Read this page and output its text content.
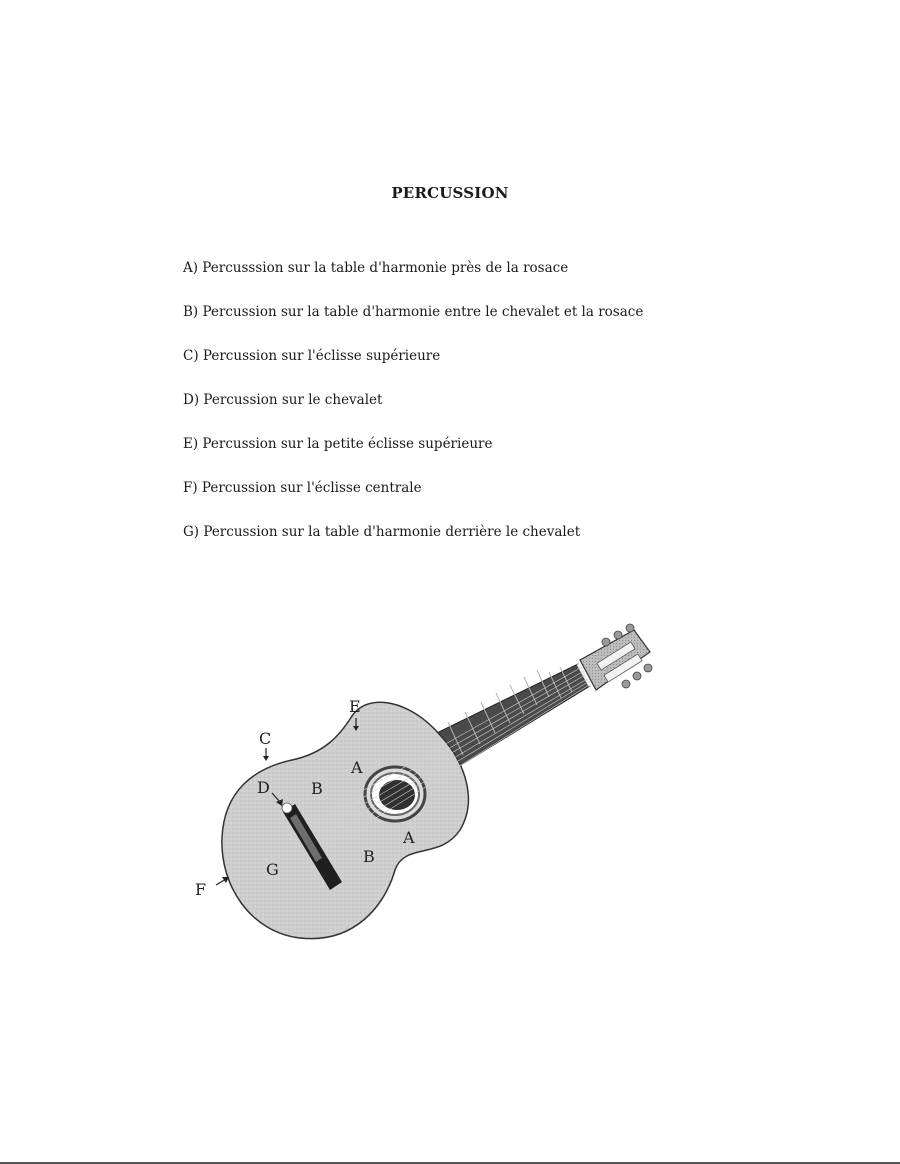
PERCUSSION
A) Percusssion sur la table d'harmonie près de la rosace
B) Percussion sur la table d'harmonie entre le chevalet et la rosace
C) Percussion sur l'éclisse supérieure
D) Percussion sur le chevalet
E) Percussion sur la petite éclisse supérieure
F) Percussion sur l'éclisse centrale
G) Percussion sur la table d'harmonie derrière le chevalet
E
C
A
D	B
A
B
G
F
